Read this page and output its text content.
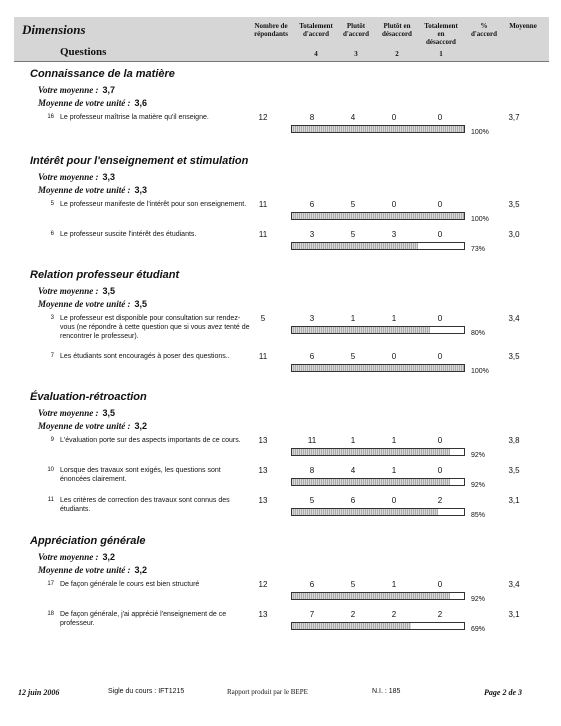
Dimensions
Questions
Nombre de
répondants
Totalement
d'accord
4
Plutôt
d'accord
3
Plutôt en
désaccord
2
Totalement
en
désaccord
1
%
d'accord
Moyenne
Connaissance de la matière
Votre moyenne : 3,7
Moyenne de votre unité : 3,6
16 Le professeur maîtrise la matière qu'il enseigne.	12	8	4	0	0	3,7
100%
Intérêt pour l'enseignement et stimulation
Votre moyenne : 3,3
Moyenne de votre unité : 3,3
5 Le professeur manifeste de l'intérêt pour son enseignement.	11	6	5	0	0	3,5
100%
6 Le professeur suscite l'intérêt des étudiants.	11	3	5	3	0	3,0
73%
Relation professeur étudiant
Votre moyenne : 3,5
Moyenne de votre unité : 3,5
3 Le professeur est disponible pour consultation sur rendez-vous (ne répondre à cette question que si vous avez tenté de rencontrer le professeur).
5	3	1	1	0	3,4
80%
7 Les étudiants sont encouragés à poser des questions..	11	6	5	0	0	3,5
100%
Évaluation-rétroaction
Votre moyenne : 3,5
Moyenne de votre unité : 3,2
9 L'évaluation porte sur des aspects importants de ce cours.	13	11	1	1	0	3,8
92%
10 Lorsque des travaux sont exigés, les questions sont énoncées clairement.
13	8	4	1	0	3,5
92%
11 Les critères de correction des travaux sont connus des étudiants.
13	5	6	0	2	3,1
85%
Appréciation générale
Votre moyenne : 3,2
Moyenne de votre unité : 3,2
17 De façon générale le cours est bien structuré	12	6	5	1	0	3,4
92%
18 De façon générale, j'ai apprécié l'enseignement de ce professeur.
13	7	2	2	2	3,1
69%
12 juin 2006	Sigle du cours : IFT1215	Rapport produit par le BEPE	N.I. : 185	Page 2 de 3
